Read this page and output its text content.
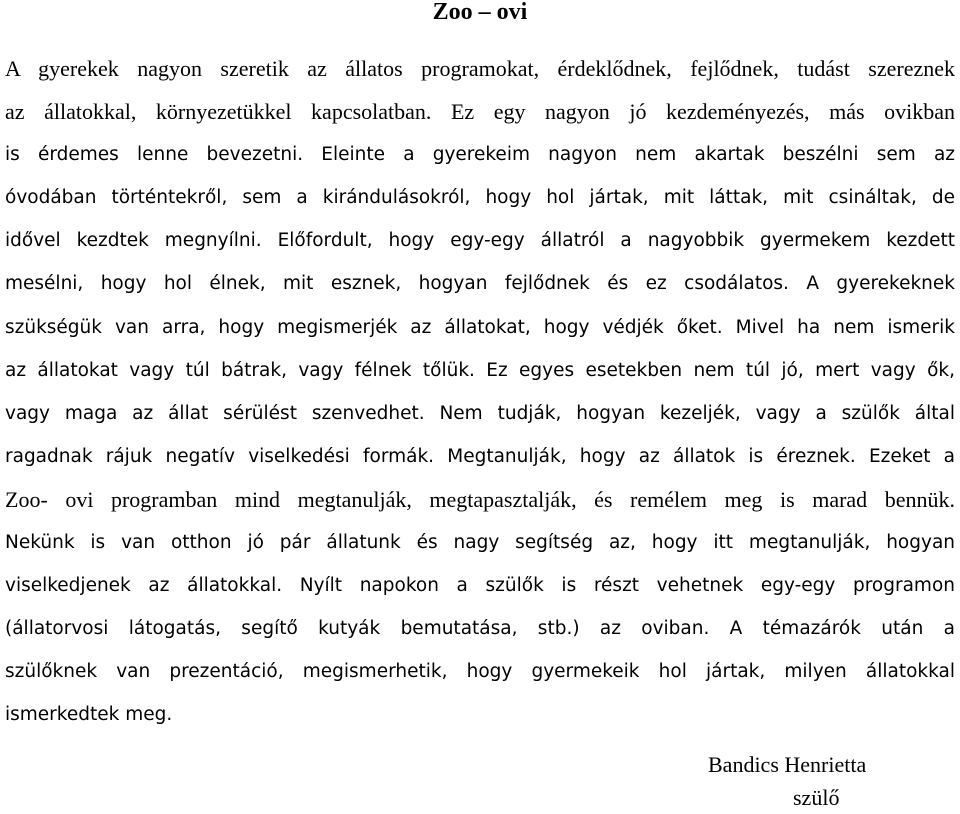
Zoo – ovi
A gyerekek nagyon szeretik az állatos programokat, érdeklődnek, fejlődnek, tudást szereznek
az állatokkal, környezetükkel kapcsolatban. Ez egy nagyon jó kezdeményezés, más ovikban
is érdemes lenne bevezetni. Eleinte a gyerekeim nagyon nem akartak beszélni sem az
óvodában történtekről, sem a kirándulásokról, hogy hol jártak, mit láttak, mit csináltak, de
idővel kezdtek megnyílni. Előfordult, hogy egy-egy állatról a nagyobbik gyermekem kezdett
mesélni, hogy hol élnek, mit esznek, hogyan fejlődnek és ez csodálatos. A gyerekeknek
szükségük van arra, hogy megismerjék az állatokat, hogy védjék őket. Mivel ha nem ismerik
az állatokat vagy túl bátrak, vagy félnek tőlük. Ez egyes esetekben nem túl jó, mert vagy ők,
vagy maga az állat sérülést szenvedhet. Nem tudják, hogyan kezeljék, vagy a szülők által
ragadnak rájuk negatív viselkedési formák. Megtanulják, hogy az állatok is éreznek. Ezeket a
Zoo- ovi programban mind megtanulják, megtapasztalják, és remélem meg is marad bennük.
Nekünk is van otthon jó pár állatunk és nagy segítség az, hogy itt megtanulják, hogyan
viselkedjenek az állatokkal. Nyílt napokon a szülők is részt vehetnek egy-egy programon
(állatorvosi látogatás, segítő kutyák bemutatása, stb.) az oviban. A témazárók után a
szülőknek van prezentáció, megismerhetik, hogy gyermekeik hol jártak, milyen állatokkal
ismerkedtek meg.
Bandics Henrietta
szülő
